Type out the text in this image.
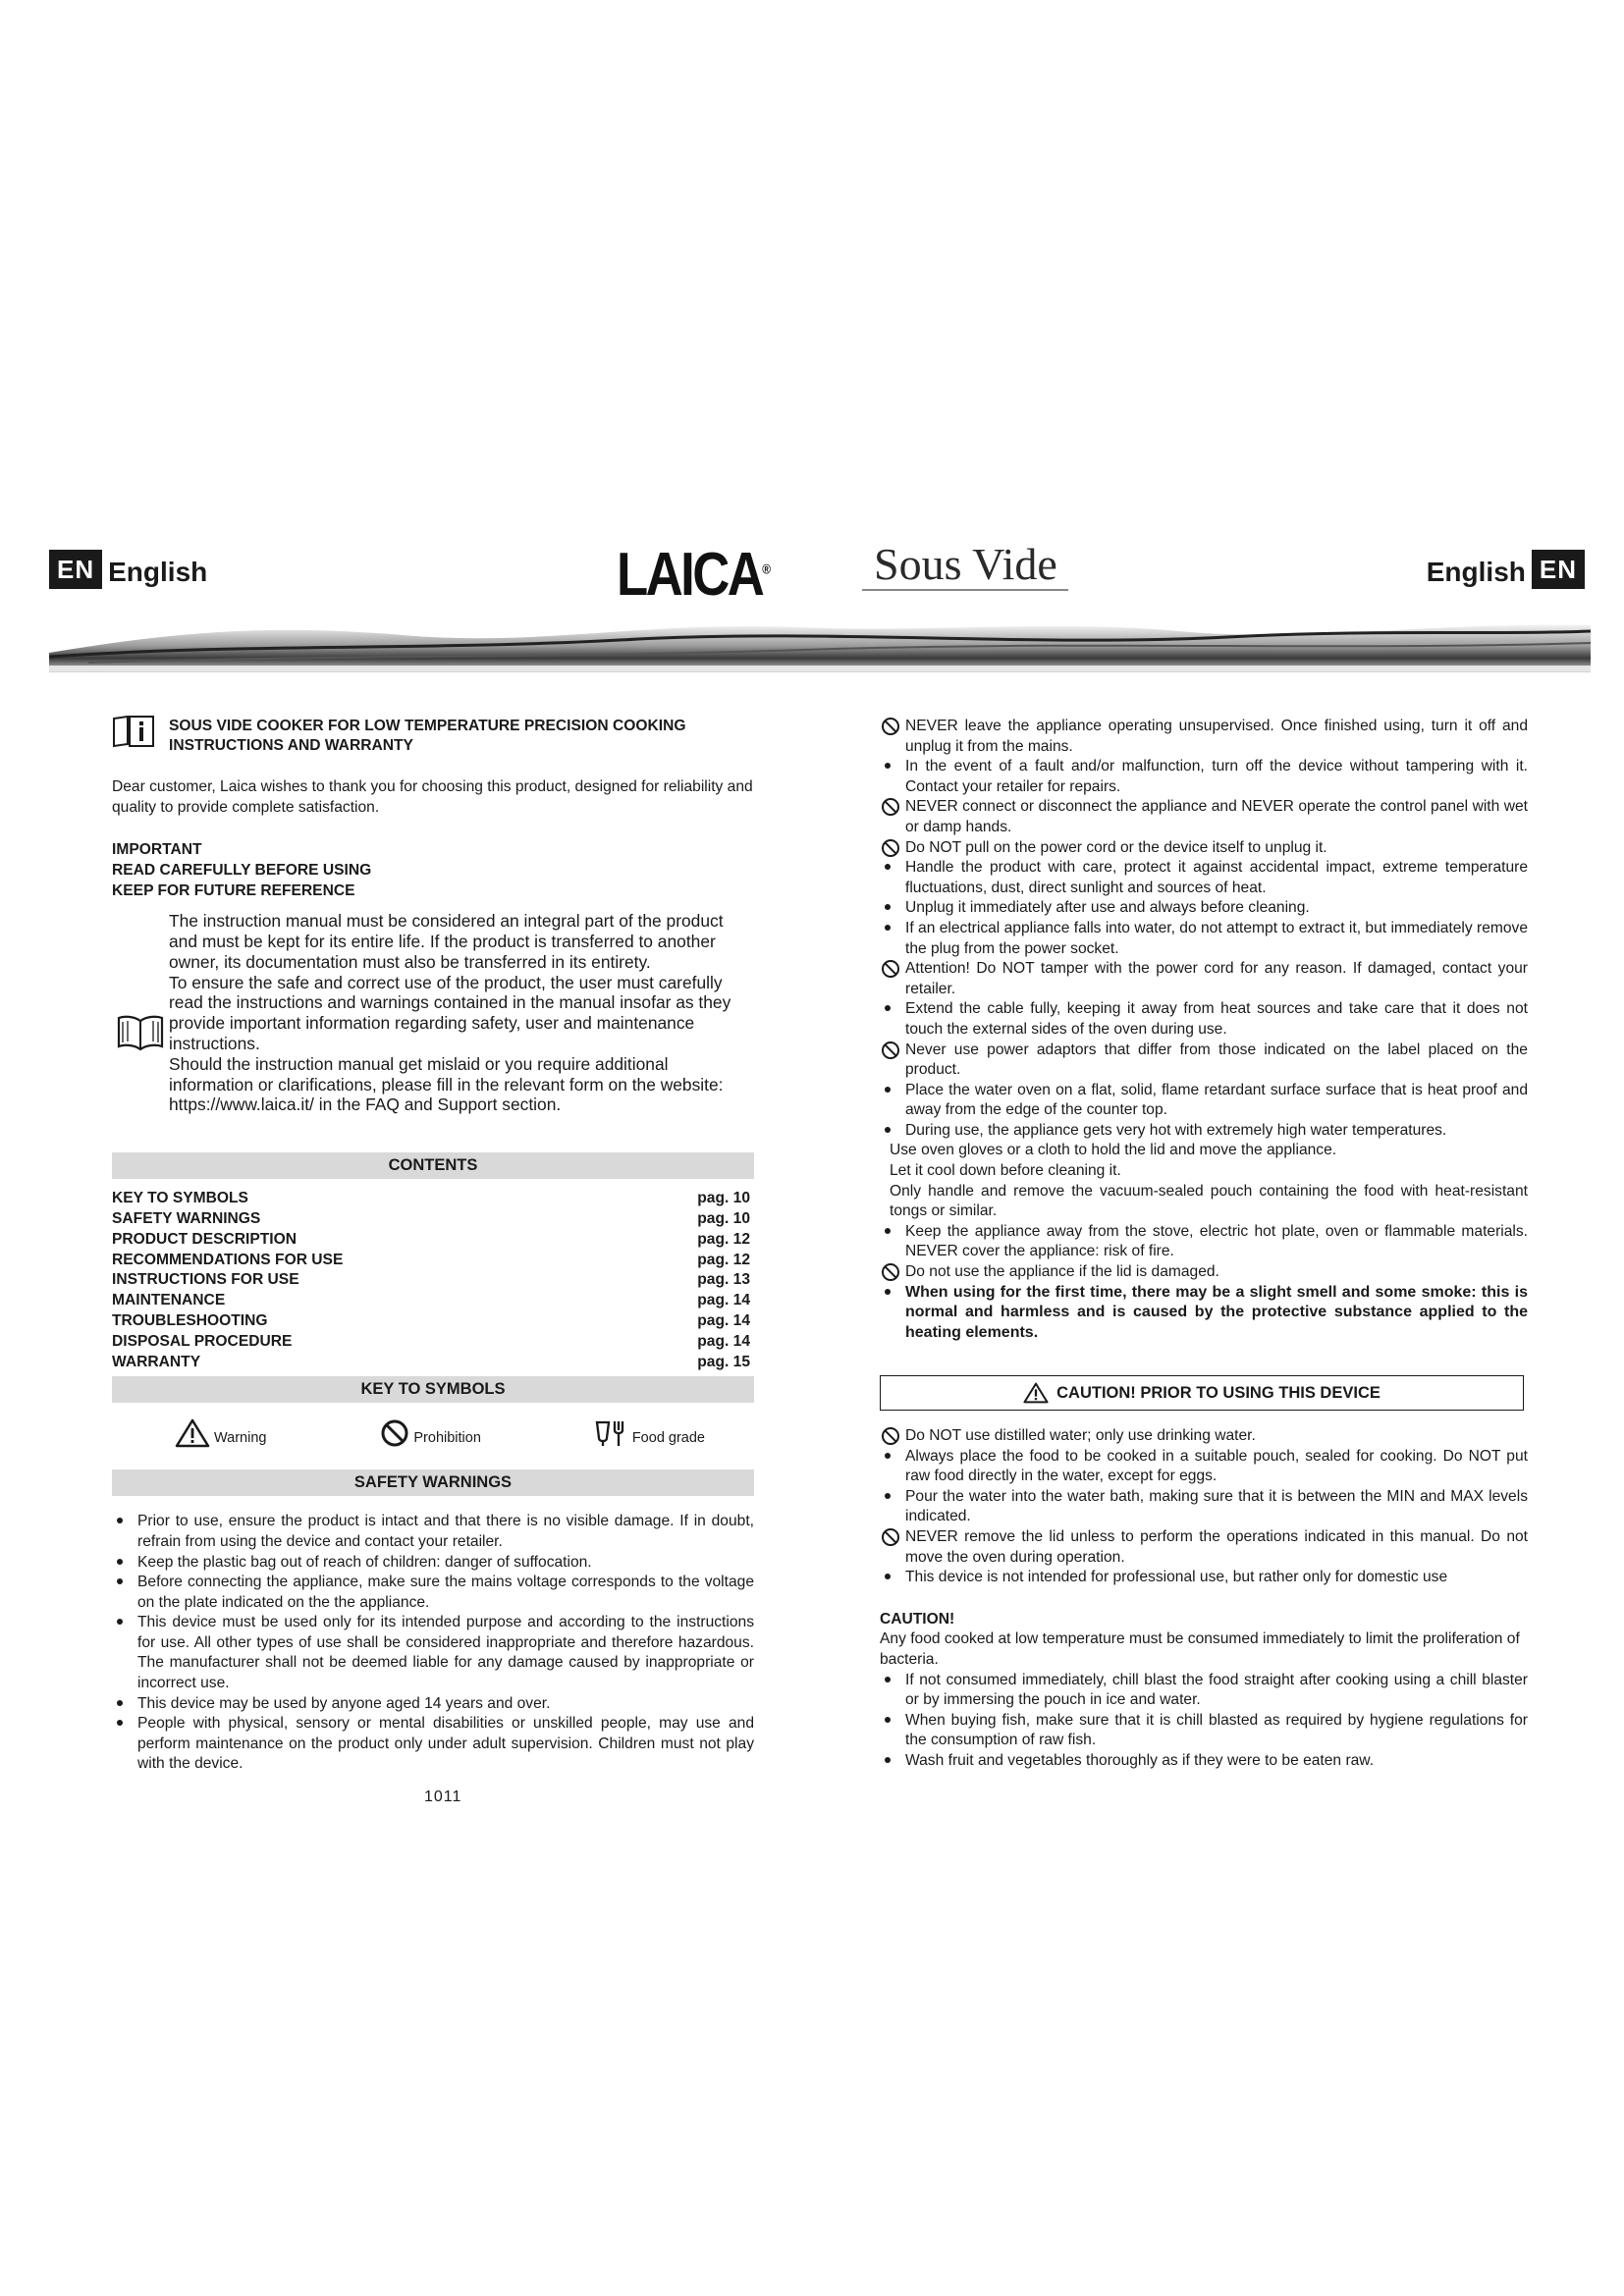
EN English	EN
English
LAICA® Sous Vide
SOUS VIDE COOKER FOR LOW TEMPERATURE PRECISION COOKING
INSTRUCTIONS AND WARRANTY

Dear customer, Laica wishes to thank you for choosing this product, designed for reliability and quality to provide complete satisfaction.

IMPORTANT
READ CAREFULLY BEFORE USING
KEEP FOR FUTURE REFERENCE
The instruction manual must be considered an integral part of the product and must be kept for its entire life. If the product is transferred to another owner, its documentation must also be transferred in its entirety.
To ensure the safe and correct use of the product, the user must carefully read the instructions and warnings contained in the manual insofar as they provide important information regarding safety, user and maintenance instructions.
Should the instruction manual get mislaid or you require additional information or clarifications, please fill in the relevant form on the website: https://www.laica.it/ in the FAQ and Support section.
CONTENTS
KEY TO SYMBOLS	pag. 10
SAFETY WARNINGS	pag. 10
PRODUCT DESCRIPTION	pag. 12
RECOMMENDATIONS FOR USE	pag. 12
INSTRUCTIONS FOR USE	pag. 13
MAINTENANCE	pag. 14
TROUBLESHOOTING	pag. 14
DISPOSAL PROCEDURE	pag. 14
WARRANTY	pag. 15
KEY TO SYMBOLS
Warning	Prohibition	Food grade
SAFETY WARNINGS
Prior to use, ensure the product is intact and that there is no visible damage. If in doubt, refrain from using the device and contact your retailer.
Keep the plastic bag out of reach of children: danger of suffocation.
Before connecting the appliance, make sure the mains voltage corresponds to the voltage on the plate indicated on the the appliance.
This device must be used only for its intended purpose and according to the instructions for use. All other types of use shall be considered inappropriate and therefore hazardous. The manufacturer shall not be deemed liable for any damage caused by inappropriate or incorrect use.
This device may be used by anyone aged 14 years and over.
People with physical, sensory or mental disabilities or unskilled people, may use and perform maintenance on the product only under adult supervision. Children must not play with the device.
1011
NEVER leave the appliance operating unsupervised. Once finished using, turn it off and unplug it from the mains.
In the event of a fault and/or malfunction, turn off the device without tampering with it. Contact your retailer for repairs.
NEVER connect or disconnect the appliance and NEVER operate the control panel with wet or damp hands.
Do NOT pull on the power cord or the device itself to unplug it.
Handle the product with care, protect it against accidental impact, extreme temperature fluctuations, dust, direct sunlight and sources of heat.
Unplug it immediately after use and always before cleaning.
If an electrical appliance falls into water, do not attempt to extract it, but immediately remove the plug from the power socket.
Attention! Do NOT tamper with the power cord for any reason. If damaged, contact your retailer.
Extend the cable fully, keeping it away from heat sources and take care that it does not touch the external sides of the oven during use.
Never use power adaptors that differ from those indicated on the label placed on the product.
Place the water oven on a flat, solid, flame retardant surface surface that is heat proof and away from the edge of the counter top.
During use, the appliance gets very hot with extremely high water temperatures.
Use oven gloves or a cloth to hold the lid and move the appliance.
Let it cool down before cleaning it.
Only handle and remove the vacuum-sealed pouch containing the food with heat-resistant tongs or similar.
Keep the appliance away from the stove, electric hot plate, oven or flammable materials. NEVER cover the appliance: risk of fire.
Do not use the appliance if the lid is damaged.
When using for the first time, there may be a slight smell and some smoke: this is normal and harmless and is caused by the protective substance applied to the heating elements.
CAUTION! PRIOR TO USING THIS DEVICE
Do NOT use distilled water; only use drinking water.
Always place the food to be cooked in a suitable pouch, sealed for cooking. Do NOT put raw food directly in the water, except for eggs.
Pour the water into the water bath, making sure that it is between the MIN and MAX levels indicated.
NEVER remove the lid unless to perform the operations indicated in this manual. Do not move the oven during operation.
This device is not intended for professional use, but rather only for domestic use
CAUTION!

Any food cooked at low temperature must be consumed immediately to limit the proliferation of bacteria.

If not consumed immediately, chill blast the food straight after cooking using a chill blaster or by immersing the pouch in ice and water.
When buying fish, make sure that it is chill blasted as required by hygiene regulations for the consumption of raw fish.
Wash fruit and vegetables thoroughly as if they were to be eaten raw.
